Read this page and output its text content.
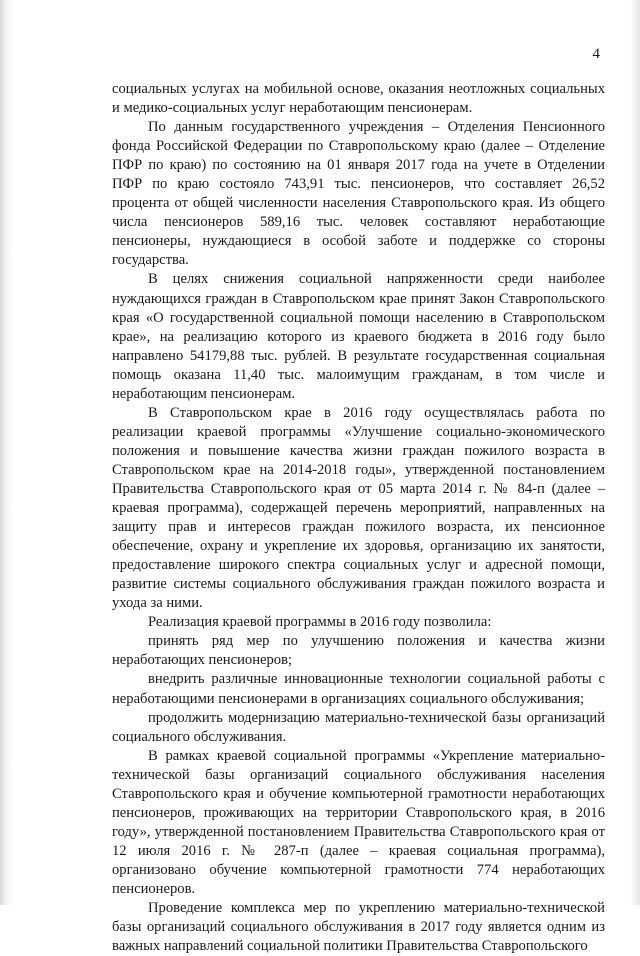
4

социальных услугах на мобильной основе, оказания неотложных социальных и медико-социальных услуг неработающим пенсионерам.

По данным государственного учреждения – Отделения Пенсионного фонда Российской Федерации по Ставропольскому краю (далее – Отделение ПФР по краю) по состоянию на 01 января 2017 года на учете в Отделении ПФР по краю состояло 743,91 тыс. пенсионеров, что составляет 26,52 процента от общей численности населения Ставропольского края. Из общего числа пенсионеров 589,16 тыс. человек составляют неработающие пенсионеры, нуждающиеся в особой заботе и поддержке со стороны государства.

В целях снижения социальной напряженности среди наиболее нуждающихся граждан в Ставропольском крае принят Закон Ставропольского края «О государственной социальной помощи населению в Ставропольском крае», на реализацию которого из краевого бюджета в 2016 году было направлено 54179,88 тыс. рублей. В результате государственная социальная помощь оказана 11,40 тыс. малоимущим гражданам, в том числе и неработающим пенсионерам.

В Ставропольском крае в 2016 году осуществлялась работа по реализации краевой программы «Улучшение социально-экономического положения и повышение качества жизни граждан пожилого возраста в Ставропольском крае на 2014-2018 годы», утвержденной постановлением Правительства Ставропольского края от 05 марта 2014 г. № 84-п (далее – краевая программа), содержащей перечень мероприятий, направленных на защиту прав и интересов граждан пожилого возраста, их пенсионное обеспечение, охрану и укрепление их здоровья, организацию их занятости, предоставление широкого спектра социальных услуг и адресной помощи, развитие системы социального обслуживания граждан пожилого возраста и ухода за ними.

Реализация краевой программы в 2016 году позволила:

принять ряд мер по улучшению положения и качества жизни неработающих пенсионеров;

внедрить различные инновационные технологии социальной работы с неработающими пенсионерами в организациях социального обслуживания;

продолжить модернизацию материально-технической базы организаций социального обслуживания.

В рамках краевой социальной программы «Укрепление материально-технической базы организаций социального обслуживания населения Ставропольского края и обучение компьютерной грамотности неработающих пенсионеров, проживающих на территории Ставропольского края, в 2016 году», утвержденной постановлением Правительства Ставропольского края от 12 июля 2016 г. № 287-п (далее – краевая социальная программа), организовано обучение компьютерной грамотности 774 неработающих пенсионеров.

Проведение комплекса мер по укреплению материально-технической базы организаций социального обслуживания в 2017 году является одним из важных направлений социальной политики Правительства Ставропольского
